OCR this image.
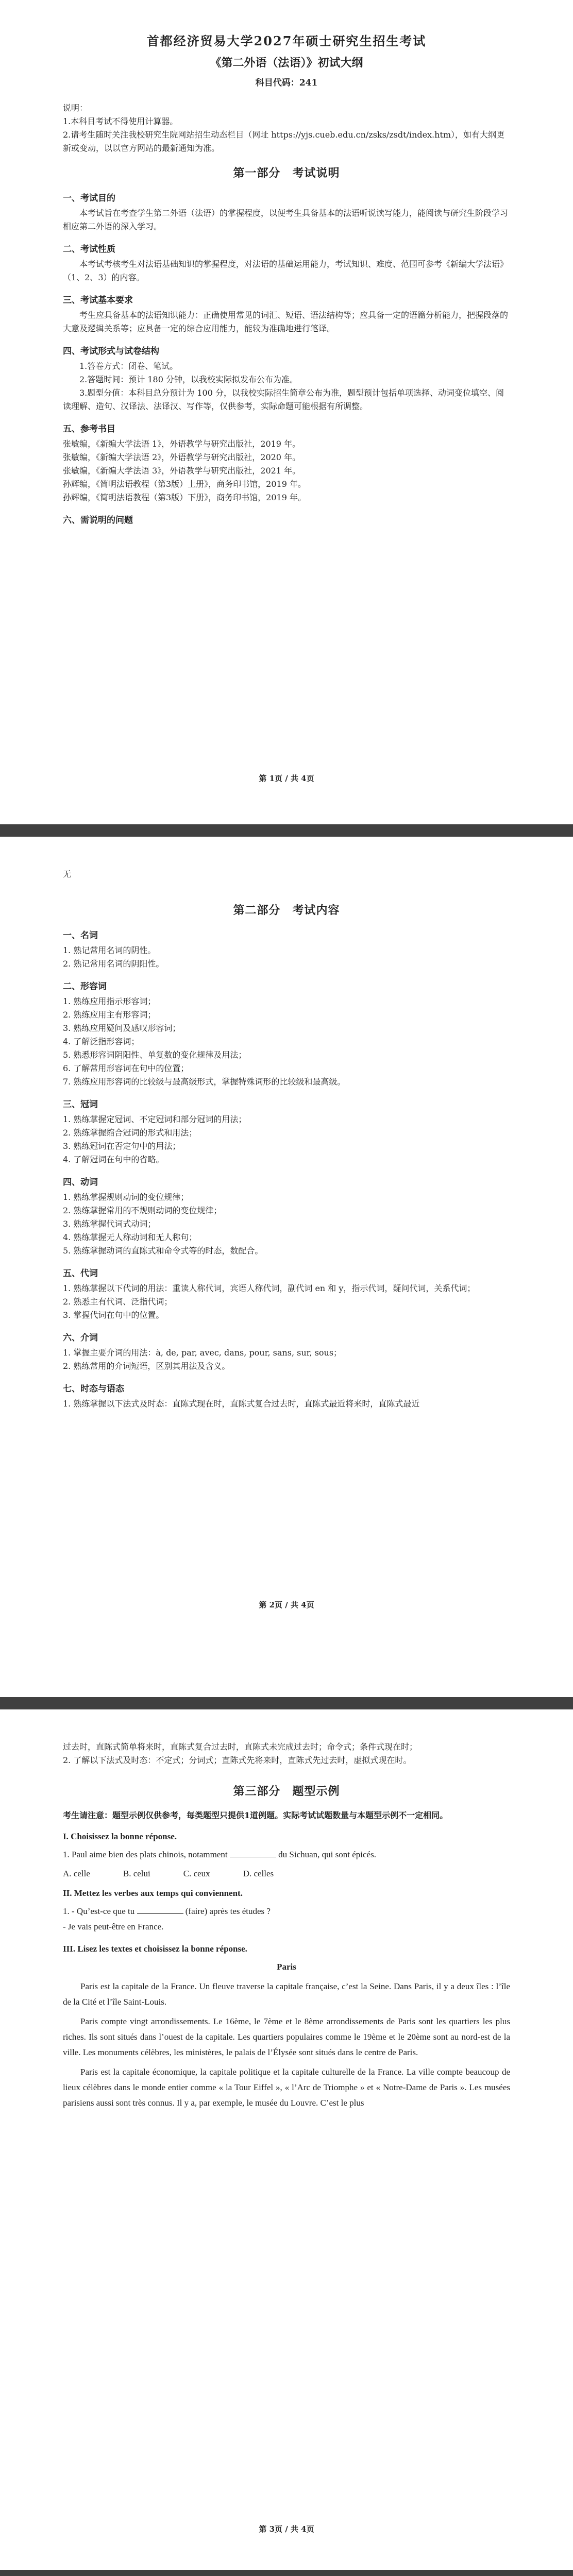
首都经济贸易大学2027年硕士研究生招生考试
《第二外语（法语）》初试大纲
科目代码：241

说明：

1.本科目考试不得使用计算器。

2.请考生随时关注我校研究生院网站招生动态栏目（网址 https://yjs.cueb.edu.cn/zsks/zsdt/index.htm），如有大纲更新或变动，以以官方网站的最新通知为准。

第一部分　考试说明
一、考试目的

本考试旨在考查学生第二外语（法语）的掌握程度，以便考生具备基本的法语听说读写能力，能阅读与研究生阶段学习相应第二外语的深入学习。

二、考试性质

本考试考核考生对法语基础知识的掌握程度，对法语的基础运用能力，考试知识、难度、范围可参考《新编大学法语》（1、2、3）的内容。

三、考试基本要求

考生应具备基本的法语知识能力：正确使用常见的词汇、短语、语法结构等；应具备一定的语篇分析能力，把握段落的大意及逻辑关系等；应具备一定的综合应用能力，能较为准确地进行笔译。

四、考试形式与试卷结构

1.答卷方式：闭卷、笔试。

2.答题时间：预计 180 分钟，以我校实际拟发布公布为准。

3.题型分值：本科目总分预计为 100 分，以我校实际招生简章公布为准，题型预计包括单项选择、动词变位填空、阅读理解、造句、汉译法、法译汉、写作等，仅供参考，实际命题可能根据有所调整。

五、参考书目

张敏编，《新编大学法语 1》，外语教学与研究出版社，2019 年。

张敏编，《新编大学法语 2》，外语教学与研究出版社，2020 年。

张敏编，《新编大学法语 3》，外语教学与研究出版社，2021 年。

孙辉编，《简明法语教程（第3版）上册》，商务印书馆，2019 年。

孙辉编，《简明法语教程（第3版）下册》，商务印书馆，2019 年。

六、需说明的问题
第 1页 / 共 4页

无

第二部分　考试内容
一、名词

1. 熟记常用名词的阴性。

2. 熟记常用名词的阴阳性。

二、形容词

1. 熟练应用指示形容词；

2. 熟练应用主有形容词；

3. 熟练应用疑问及感叹形容词；

4. 了解泛指形容词；

5. 熟悉形容词阴阳性、单复数的变化规律及用法；

6. 了解常用形容词在句中的位置；

7. 熟练应用形容词的比较级与最高级形式，掌握特殊词形的比较级和最高级。

三、冠词

1. 熟练掌握定冠词、不定冠词和部分冠词的用法；

2. 熟练掌握缩合冠词的形式和用法；

3. 熟练冠词在否定句中的用法；

4. 了解冠词在句中的省略。

四、动词

1. 熟练掌握规则动词的变位规律；

2. 熟练掌握常用的不规则动词的变位规律；

3. 熟练掌握代词式动词；

4. 熟练掌握无人称动词和无人称句；

5. 熟练掌握动词的直陈式和命令式等的时态，数配合。

五、代词

1. 熟练掌握以下代词的用法：重读人称代词，宾语人称代词，副代词 en 和 y，指示代词，疑问代词，关系代词；

2. 熟悉主有代词、泛指代词；

3. 掌握代词在句中的位置。

六、介词

1. 掌握主要介词的用法：à, de, par, avec, dans, pour, sans, sur, sous；

2. 熟练常用的介词短语，区别其用法及含义。

七、时态与语态

1. 熟练掌握以下法式及时态：直陈式现在时，直陈式复合过去时，直陈式最近将来时，直陈式最近

第 2页 / 共 4页

过去时，直陈式简单将来时，直陈式复合过去时，直陈式未完成过去时；命令式；条件式现在时；

2. 了解以下法式及时态：不定式；分词式；直陈式先将来时，直陈式先过去时，虚拟式现在时。

第三部分　题型示例

考生请注意：题型示例仅供参考，每类题型只提供1道例题。实际考试试题数量与本题型示例不一定相同。

I. Choisissez la bonne réponse.

1. Paul aime bien des plats chinois, notamment	du Sichuan, qui sont épicés.

A. celle	B. celui	C. ceux	D. celles
II. Mettez les verbes aux temps qui conviennent.

1. - Qu’est-ce que tu	(faire) après tes études ?

- Je vais peut-être en France.

III. Lisez les textes et choisissez la bonne réponse.
Paris

Paris est la capitale de la France. Un fleuve traverse la capitale française, c’est la Seine. Dans Paris, il y a deux îles : l’île de la Cité et l’île Saint-Louis.

Paris compte vingt arrondissements. Le 16ème, le 7ème et le 8ème arrondissements de Paris sont les quartiers les plus riches. Ils sont situés dans l’ouest de la capitale. Les quartiers populaires comme le 19ème et le 20ème sont au nord-est de la ville. Les monuments célèbres, les ministères, le palais de l’Élysée sont situés dans le centre de Paris.

Paris est la capitale économique, la capitale politique et la capitale culturelle de la France. La ville compte beaucoup de lieux célèbres dans le monde entier comme « la Tour Eiffel », « l’Arc de Triomphe » et « Notre-Dame de Paris ». Les musées parisiens aussi sont très connus. Il y a, par exemple, le musée du Louvre. C’est le plus

第 3页 / 共 4页
